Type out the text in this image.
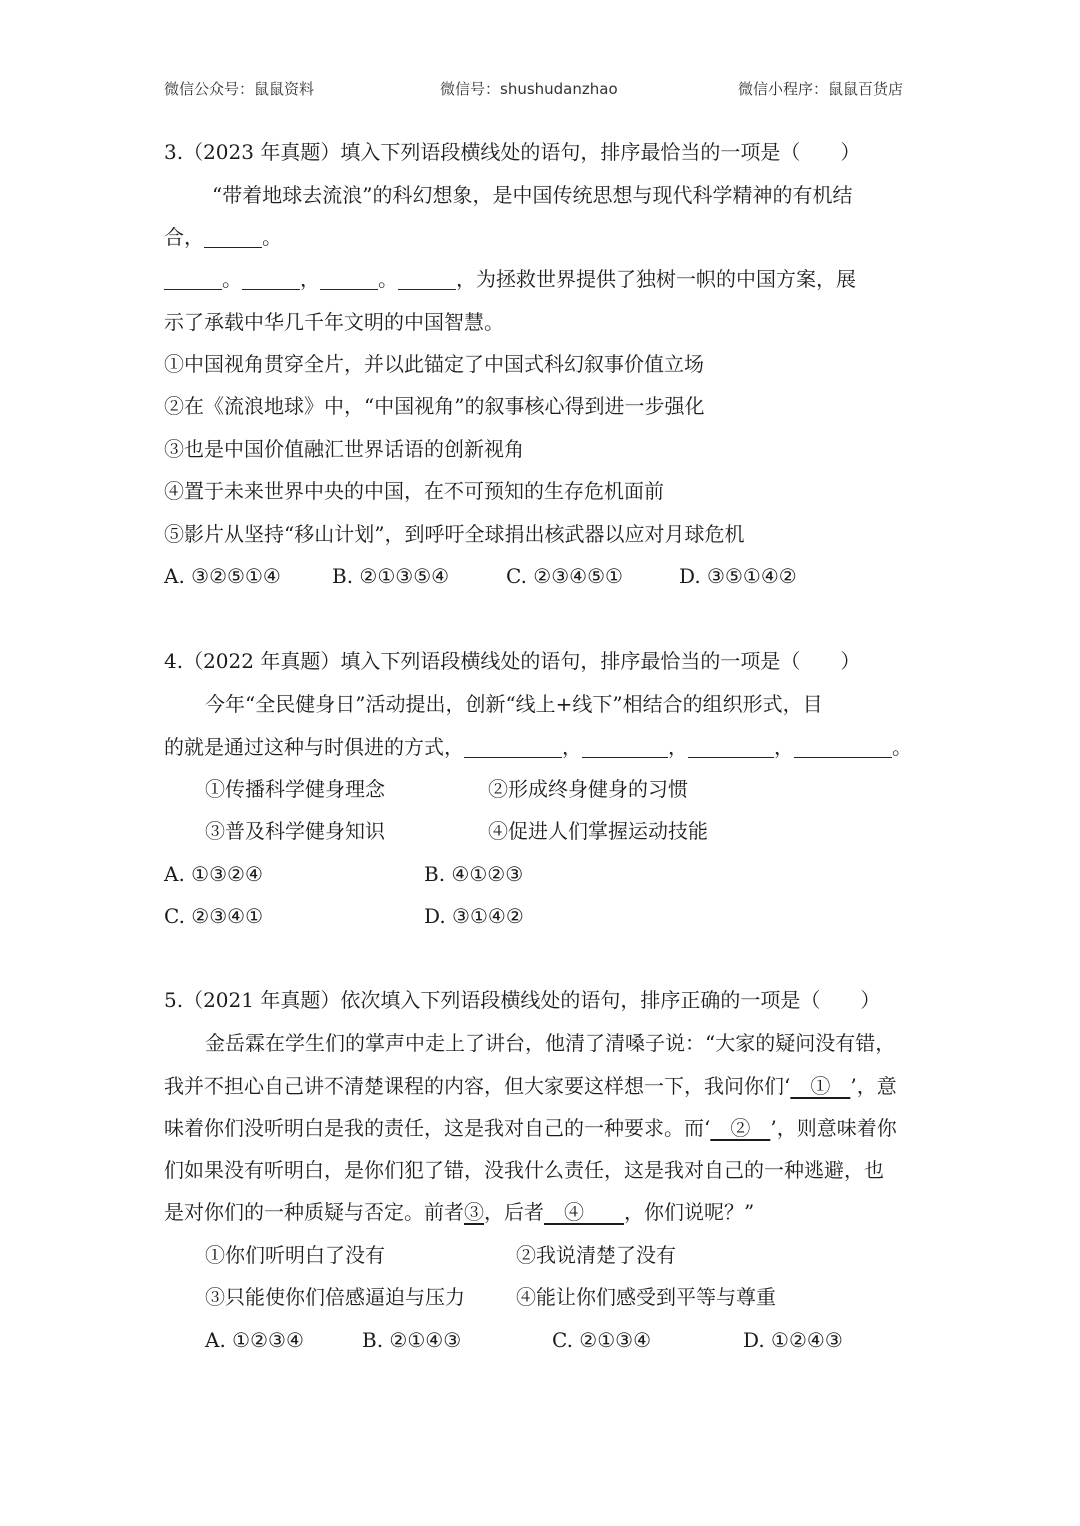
微信公众号：鼠鼠资料	微信号：shushudanzhao	微信小程序：鼠鼠百货店
3.（2023 年真题）填入下列语段横线处的语句，排序最恰当的一项是（　　）
“带着地球去流浪”的科幻想象，是中国传统思想与现代科学精神的有机结
合，	。
。	，	。	，为拯救世界提供了独树一帜的中国方案，展
示了承载中华几千年文明的中国智慧。
①中国视角贯穿全片，并以此锚定了中国式科幻叙事价值立场
②在《流浪地球》中，“中国视角”的叙事核心得到进一步强化
③也是中国价值融汇世界话语的创新视角
④置于未来世界中央的中国，在不可预知的生存危机面前
⑤影片从坚持“移山计划”，到呼吁全球捐出核武器以应对月球危机
A. ③②⑤①④	B. ②①③⑤④	C. ②③④⑤①	D. ③⑤①④②
4.（2022 年真题）填入下列语段横线处的语句，排序最恰当的一项是（　　）
今年“全民健身日”活动提出，创新“线上+线下”相结合的组织形式，目
的就是通过这种与时俱进的方式，	，	，	，	。
①传播科学健身理念	②形成终身健身的习惯
③普及科学健身知识	④促进人们掌握运动技能
A. ①③②④	B. ④①②③
C. ②③④①	D. ③①④②
5.（2021 年真题）依次填入下列语段横线处的语句，排序正确的一项是（　　）
金岳霖在学生们的掌声中走上了讲台，他清了清嗓子说：“大家的疑问没有错，
我并不担心自己讲不清楚课程的内容，但大家要这样想一下，我问你们‘　①　’，意
味着你们没听明白是我的责任，这是我对自己的一种要求。而‘　②　’，则意味着你
们如果没有听明白，是你们犯了错，没我什么责任，这是我对自己的一种逃避，也
是对你们的一种质疑与否定。前者③，后者　④　　，你们说呢？”
①你们听明白了没有	②我说清楚了没有
③只能使你们倍感逼迫与压力	④能让你们感受到平等与尊重
A. ①②③④	B. ②①④③	C. ②①③④	D. ①②④③
